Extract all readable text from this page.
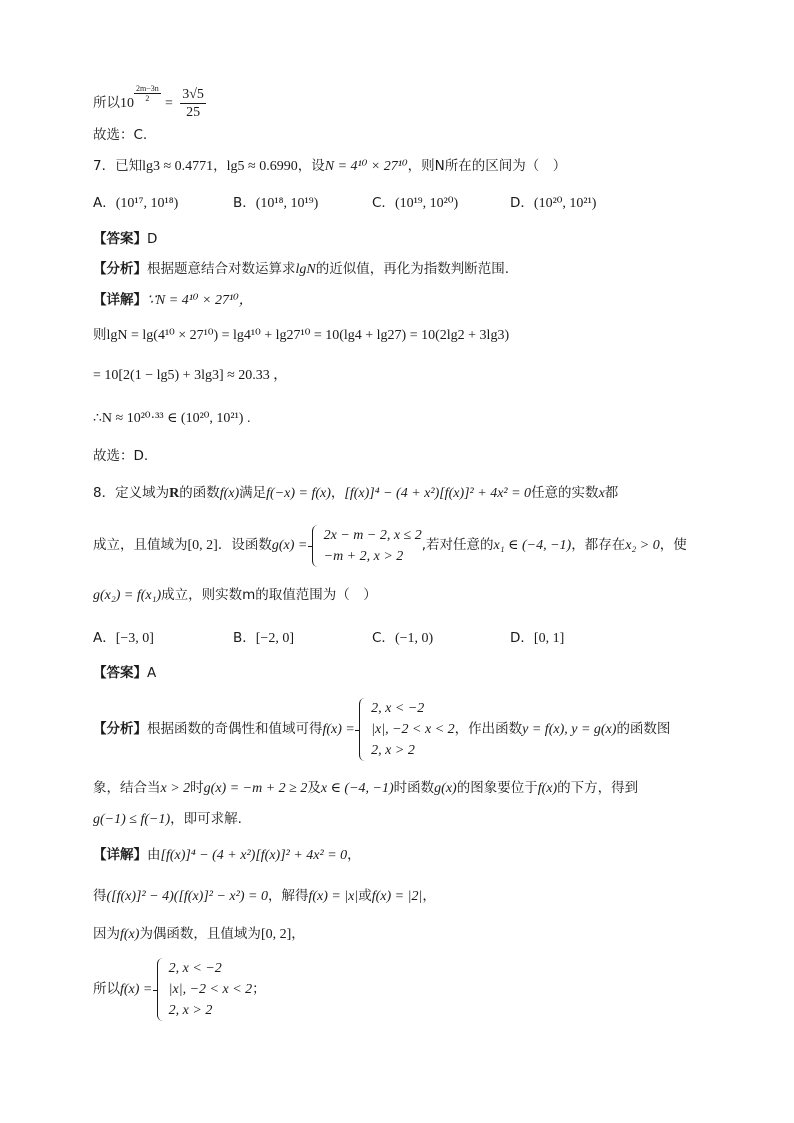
所以10
$^{\frac{2m-3n}{2}}$
= $\frac{3√5}{25}$
故选：C.
7．已知lg3 ≈ 0.4771，lg5 ≈ 0.6990，设N = 4¹⁰ × 27¹⁰，则N所在的区间为（　）
A．(10¹⁷, 10¹⁸)	B．(10¹⁸, 10¹⁹)	C．(10¹⁹, 10²⁰)	D．(10²⁰, 10²¹)
【答案】D
【分析】根据题意结合对数运算求lgN的近似值，再化为指数判断范围.
【详解】∵N = 4¹⁰ × 27¹⁰，
则lgN = lg(4¹⁰ × 27¹⁰) = lg4¹⁰ + lg27¹⁰ = 10(lg4 + lg27) = 10(2lg2 + 3lg3)
= 10[2(1 − lg5) + 3lg3] ≈ 20.33 ，
∴N ≈ 10²⁰·³³ ∈ (10²⁰, 10²¹) .
故选：D.
8．定义域为R的函数f(x)满足f(−x) = f(x)，[f(x)]⁴ − (4 + x²)[f(x)]² + 4x² = 0任意的实数x都
成立，且值域为[0, 2]．设函数g(x) =
2x − m − 2, x ≤ 2
−m + 2, x > 2
,若对任意的x₁ ∈ (−4, −1)，都存在x₂ > 0，使
g(x₂) = f(x₁)成立，则实数m的取值范围为（　）
A．[−3, 0]	B．[−2, 0]	C．(−1, 0)	D．[0, 1]
【答案】A
【分析】根据函数的奇偶性和值域可得f(x) =
2, x < −2
|x|, −2 < x < 2
2, x > 2
，作出函数y = f(x), y = g(x)的函数图
象，结合当x > 2时g(x) = −m + 2 ≥ 2及x ∈ (−4, −1)时函数g(x)的图象要位于f(x)的下方，得到
g(−1) ≤ f(−1)，即可求解.
【详解】由[f(x)]⁴ − (4 + x²)[f(x)]² + 4x² = 0，
得([f(x)]² − 4)([f(x)]² − x²) = 0，解得f(x) = |x|或f(x) = |2|，
因为f(x)为偶函数，且值域为[0, 2]，
所以f(x) =
2, x < −2
|x|, −2 < x < 2
2, x > 2
；
